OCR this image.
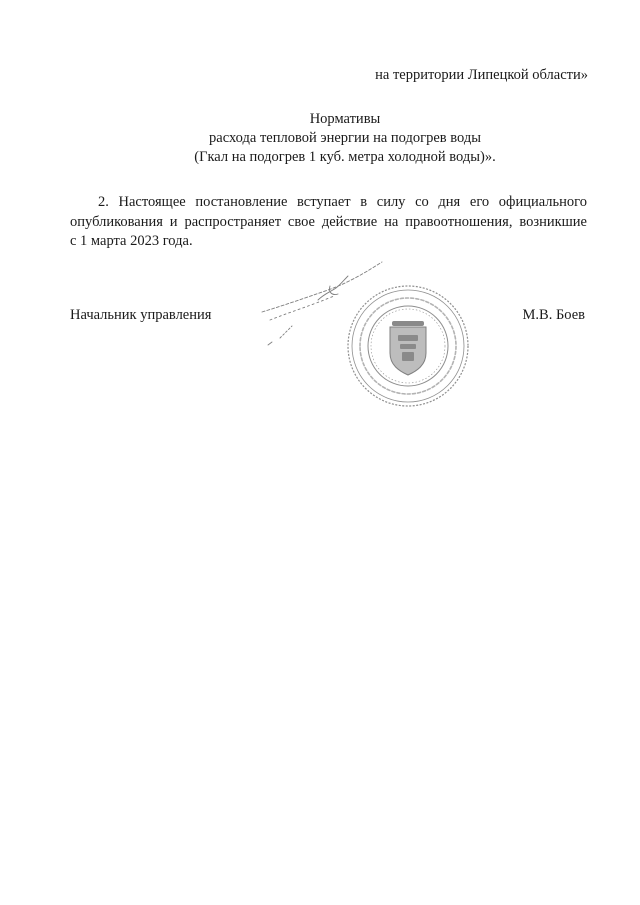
на территории Липецкой области»
Нормативы
расхода тепловой энергии на подогрев воды
(Гкал на подогрев 1 куб. метра холодной воды)».
2. Настоящее постановление вступает в силу со дня его официального
опубликования и распространяет свое действие на правоотношения, возникшие
с 1 марта 2023 года.
Начальник управления	М.В. Боев
